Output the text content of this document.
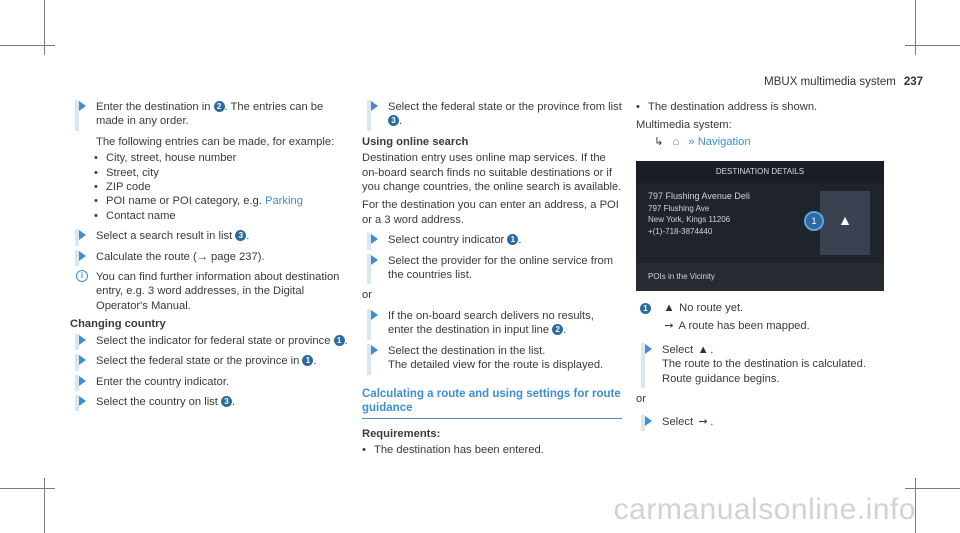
MBUX multimedia system 237
Enter the destination in 2 . The entries can be made in any order.
The following entries can be made, for example:
• City, street, house number
• Street, city
• ZIP code
• POI name or POI category, e.g. Parking
• Contact name
Select a search result in list 3 .
Calculate the route (→ page 237).
i	You can find further information about destination entry, e.g. 3 word addresses, in the Digital Operator's Manual.
Changing country
Select the indicator for federal state or province 1 .
Select the federal state or the province in 1 .
Enter the country indicator.
Select the country on list 3 .
Select the federal state or the province from list 3 .
Using online search
Destination entry uses online map services. If the on-board search finds no suitable destinations or if you change countries, the online search is available.
For the destination you can enter an address, a POI or a 3 word address.
Select country indicator 1 .
Select the provider for the online service from the countries list.
or
If the on-board search delivers no results, enter the destination in input line 2 .
Select the destination in the list.
The detailed view for the route is displayed.
Calculating a route and using settings for route guidance
Requirements:
• The destination has been entered.
• The destination address is shown.
Multimedia system:
↳ ⌂ » Navigation
DESTINATION DETAILS
797 Flushing Avenue Deli
797 Flushing Ave
New York, Kings 11206
+(1)-718-3874440
▲
1
POIs in the Vicinity
1 ▲ No route yet.
➙ A route has been mapped.
Select ▲.
The route to the destination is calculated.
Route guidance begins.
or
Select ➙ .
carmanualsonline.info
